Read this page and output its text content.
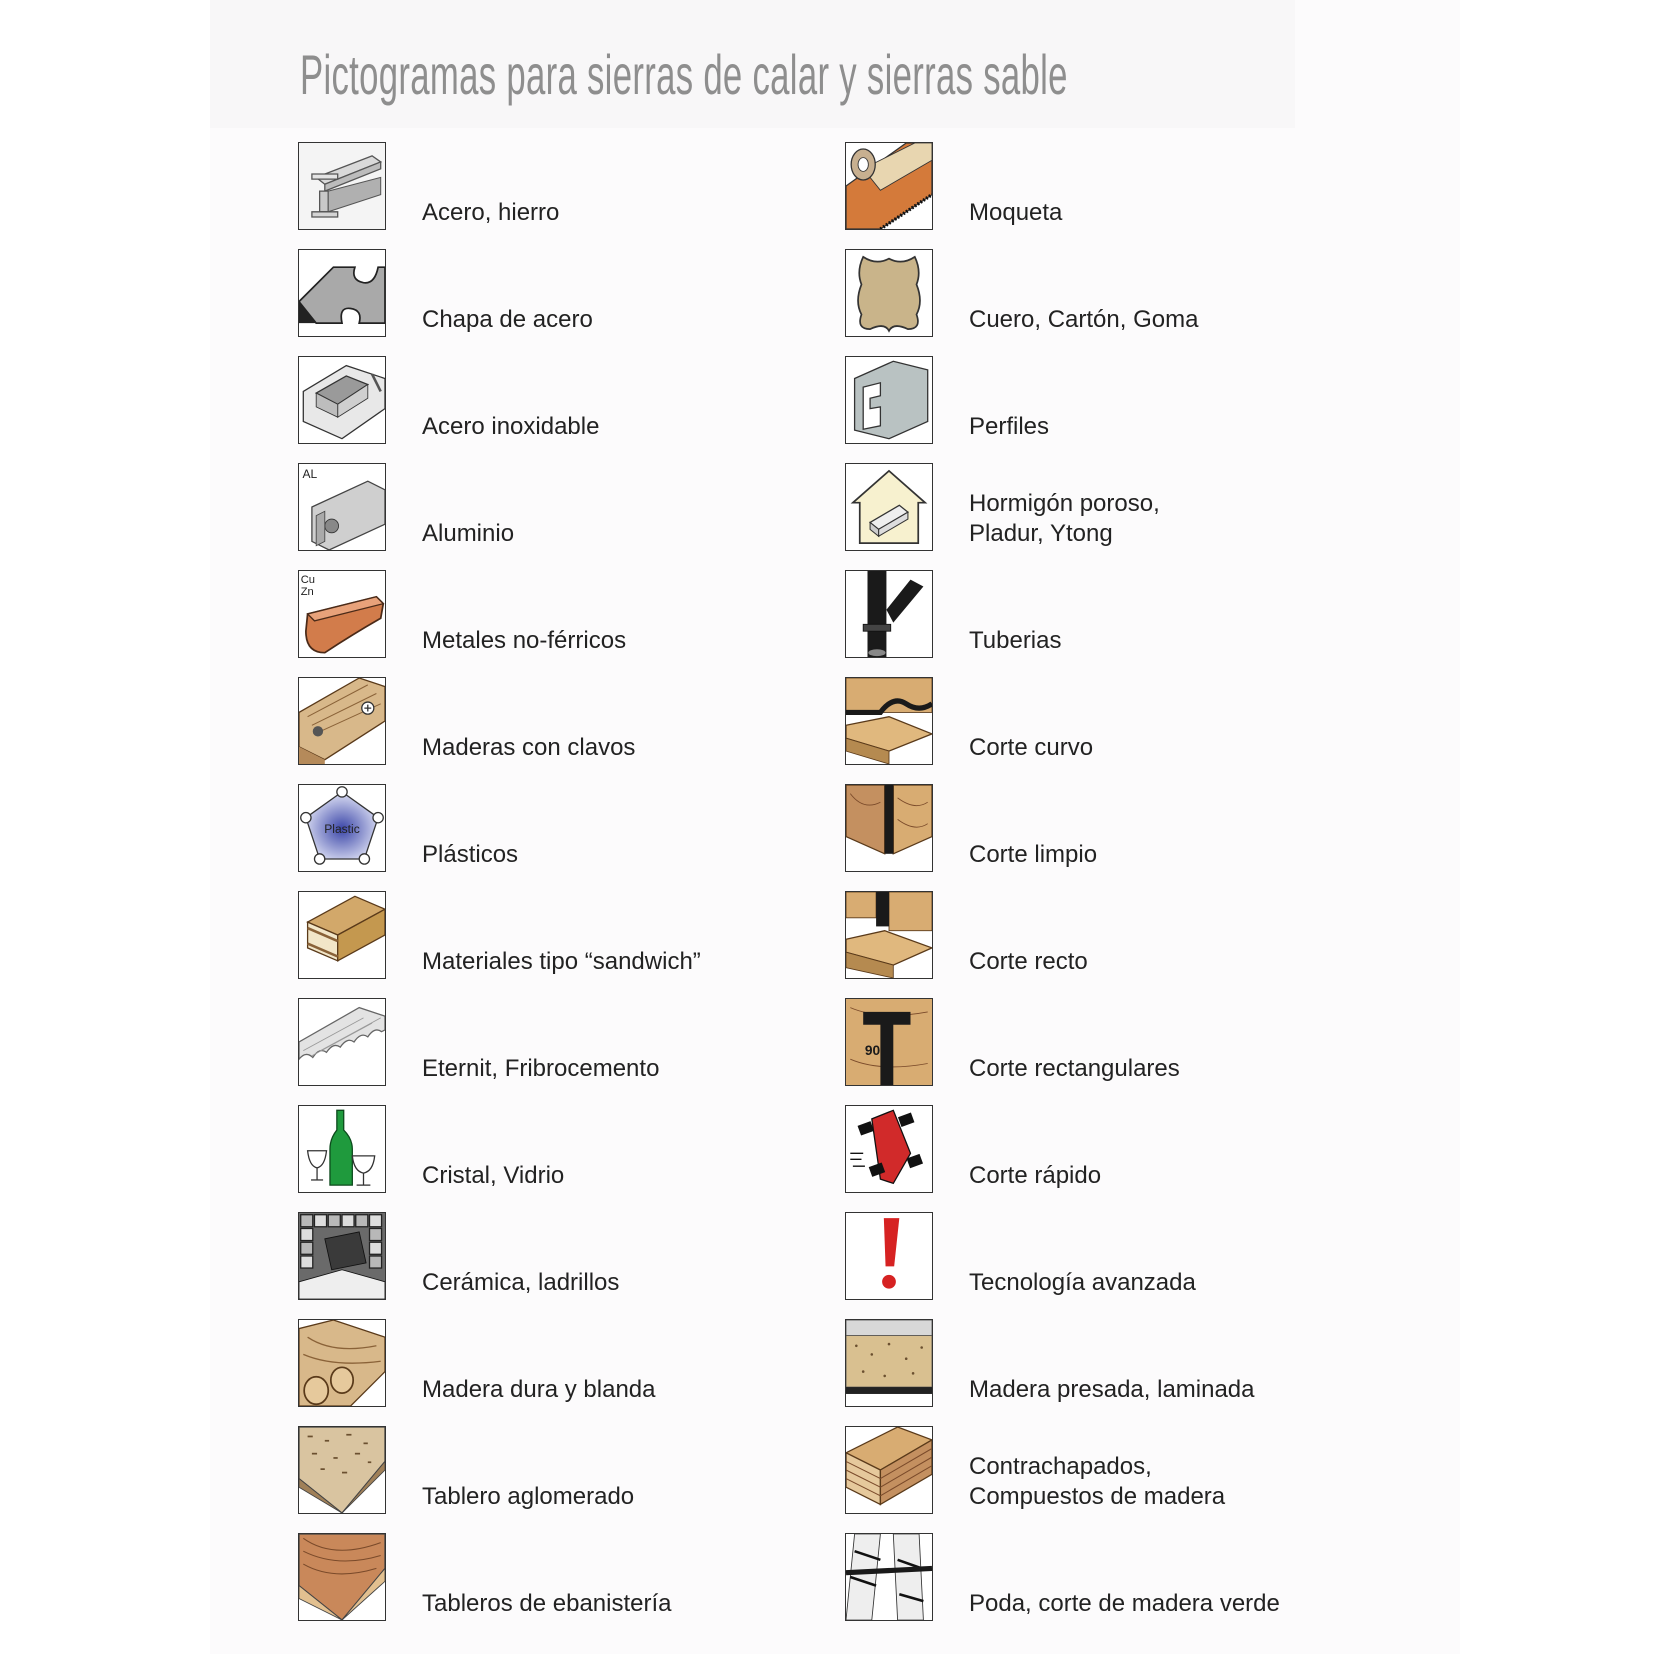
Pictogramas para sierras de calar y sierras sable
Acero, hierro
Chapa de acero
Acero inoxidable
AL
Aluminio
Cu
Zn
Metales no-férricos
Maderas con clavos
Plastic
Plásticos
Materiales tipo “sandwich”
Eternit, Fribrocemento
Cristal, Vidrio
Cerámica, ladrillos
Madera dura y blanda
Tablero aglomerado
Tableros de ebanistería
Moqueta
Cuero, Cartón, Goma
Perfiles
Hormigón poroso,
Pladur, Ytong
Tuberias
Corte curvo
Corte limpio
Corte recto
90
Corte rectangulares
Corte rápido
Tecnología avanzada
Madera presada, laminada
Contrachapados,
Compuestos de madera
Poda, corte de madera verde
